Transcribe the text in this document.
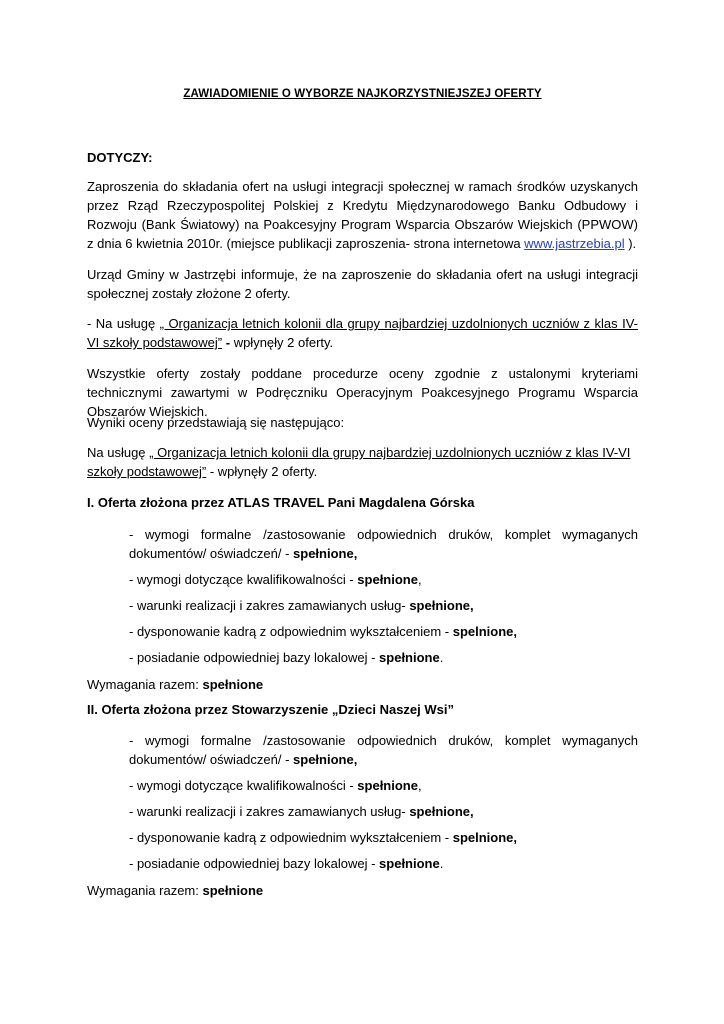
ZAWIADOMIENIE O WYBORZE NAJKORZYSTNIEJSZEJ OFERTY
DOTYCZY:
Zaproszenia do składania ofert na usługi integracji społecznej w ramach środków uzyskanych przez Rząd Rzeczypospolitej Polskiej z Kredytu Międzynarodowego Banku Odbudowy i Rozwoju (Bank Światowy) na Poakcesyjny Program Wsparcia Obszarów Wiejskich (PPWOW) z dnia 6 kwietnia 2010r. (miejsce publikacji zaproszenia- strona internetowa www.jastrzebia.pl ).
Urząd Gminy w Jastrzębi informuje, że na zaproszenie do składania ofert na usługi integracji społecznej zostały złożone 2 oferty.
- Na usługę „ Organizacja letnich kolonii dla grupy najbardziej uzdolnionych uczniów z klas IV-VI szkoły podstawowej” - wpłynęły 2 oferty.
Wszystkie oferty zostały poddane procedurze oceny zgodnie z ustalonymi kryteriami technicznymi zawartymi w Podręczniku Operacyjnym Poakcesyjnego Programu Wsparcia Obszarów Wiejskich.
Wyniki oceny przedstawiają się następująco:
Na usługę „ Organizacja letnich kolonii dla grupy najbardziej uzdolnionych uczniów z klas IV-VI szkoły podstawowej” - wpłynęły 2 oferty.
I. Oferta złożona przez ATLAS TRAVEL Pani Magdalena Górska
- wymogi formalne /zastosowanie odpowiednich druków, komplet wymaganych dokumentów/ oświadczeń/ - spełnione,
- wymogi dotyczące kwalifikowalności - spełnione,
- warunki realizacji i zakres zamawianych usług- spełnione,
- dysponowanie kadrą z odpowiednim wykształceniem - spelnione,
- posiadanie odpowiedniej bazy lokalowej - spełnione.
Wymagania razem: spełnione
II. Oferta złożona przez Stowarzyszenie „Dzieci Naszej Wsi”
- wymogi formalne /zastosowanie odpowiednich druków, komplet wymaganych dokumentów/ oświadczeń/ - spełnione,
- wymogi dotyczące kwalifikowalności - spełnione,
- warunki realizacji i zakres zamawianych usług- spełnione,
- dysponowanie kadrą z odpowiednim wykształceniem - spelnione,
- posiadanie odpowiedniej bazy lokalowej - spełnione.
Wymagania razem: spełnione
